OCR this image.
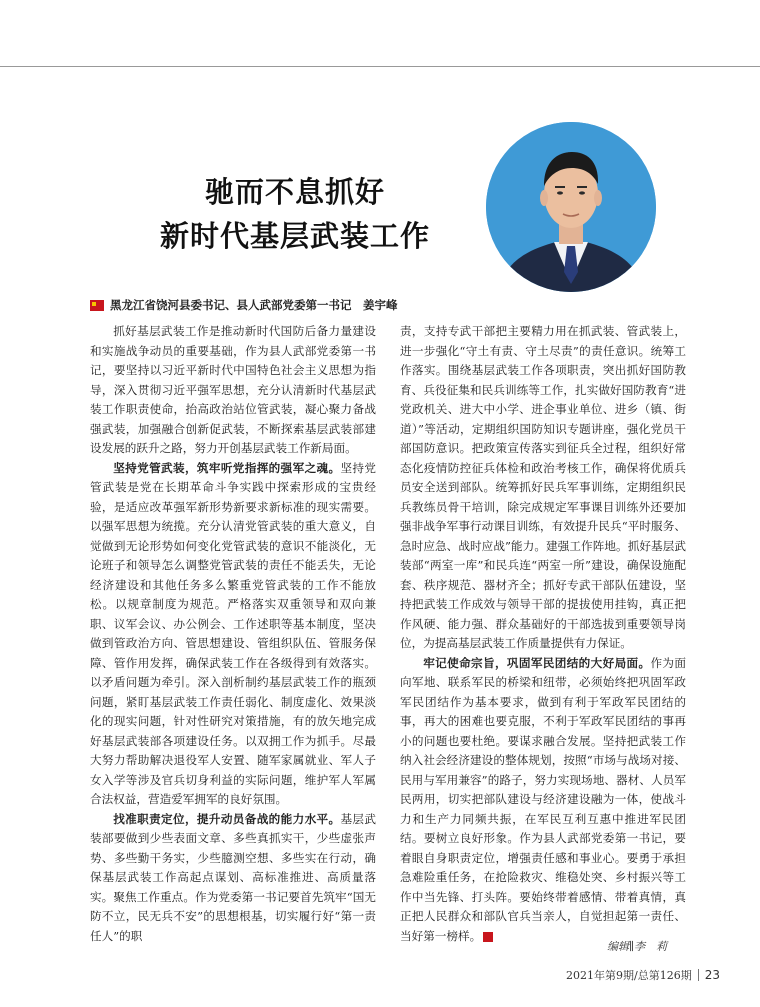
驰而不息抓好
新时代基层武装工作
黑龙江省饶河县委书记、县人武部党委第一书记　姜宇峰

抓好基层武装工作是推动新时代国防后备力量建设和实施战争动员的重要基础，作为县人武部党委第一书记，要坚持以习近平新时代中国特色社会主义思想为指导，深入贯彻习近平强军思想，充分认清新时代基层武装工作职责使命，抬高政治站位管武装，凝心聚力备战强武装，加强融合创新促武装，不断探索基层武装部建设发展的跃升之路，努力开创基层武装工作新局面。

坚持党管武装，筑牢听党指挥的强军之魂。坚持党管武装是党在长期革命斗争实践中探索形成的宝贵经验，是适应改革强军新形势新要求新标准的现实需要。以强军思想为统揽。充分认清党管武装的重大意义，自觉做到无论形势如何变化党管武装的意识不能淡化，无论班子和领导怎么调整党管武装的责任不能丢失，无论经济建设和其他任务多么繁重党管武装的工作不能放松。以规章制度为规范。严格落实双重领导和双向兼职、议军会议、办公例会、工作述职等基本制度，坚决做到管政治方向、管思想建设、管组织队伍、管服务保障、管作用发挥，确保武装工作在各级得到有效落实。以矛盾问题为牵引。深入剖析制约基层武装工作的瓶颈问题，紧盯基层武装工作责任弱化、制度虚化、效果淡化的现实问题，针对性研究对策措施，有的放矢地完成好基层武装部各项建设任务。以双拥工作为抓手。尽最大努力帮助解决退役军人安置、随军家属就业、军人子女入学等涉及官兵切身利益的实际问题，维护军人军属合法权益，营造爱军拥军的良好氛围。

找准职责定位，提升动员备战的能力水平。基层武装部要做到少些表面文章、多些真抓实干，少些虚张声势、多些勤干务实，少些臆测空想、多些实在行动，确保基层武装工作高起点谋划、高标准推进、高质量落实。聚焦工作重点。作为党委第一书记要首先筑牢“国无防不立，民无兵不安”的思想根基，切实履行好“第一责任人”的职

责，支持专武干部把主要精力用在抓武装、管武装上，进一步强化“守土有责、守土尽责”的责任意识。统筹工作落实。围绕基层武装工作各项职责，突出抓好国防教育、兵役征集和民兵训练等工作，扎实做好国防教育“进党政机关、进大中小学、进企事业单位、进乡（镇、街道）”等活动，定期组织国防知识专题讲座，强化党员干部国防意识。把政策宣传落实到征兵全过程，组织好常态化疫情防控征兵体检和政治考核工作，确保将优质兵员安全送到部队。统筹抓好民兵军事训练，定期组织民兵教练员骨干培训，除完成规定军事课目训练外还要加强非战争军事行动课目训练，有效提升民兵“平时服务、急时应急、战时应战”能力。建强工作阵地。抓好基层武装部“两室一库”和民兵连“两室一所”建设，确保设施配套、秩序规范、器材齐全；抓好专武干部队伍建设，坚持把武装工作成效与领导干部的提拔使用挂钩，真正把作风硬、能力强、群众基础好的干部选拔到重要领导岗位，为提高基层武装工作质量提供有力保证。

牢记使命宗旨，巩固军民团结的大好局面。作为面向军地、联系军民的桥梁和纽带，必须始终把巩固军政军民团结作为基本要求，做到有利于军政军民团结的事，再大的困难也要克服，不利于军政军民团结的事再小的问题也要杜绝。要谋求融合发展。坚持把武装工作纳入社会经济建设的整体规划，按照“市场与战场对接、民用与军用兼容”的路子，努力实现场地、器材、人员军民两用，切实把部队建设与经济建设融为一体，使战斗力和生产力同频共振，在军民互利互惠中推进军民团结。要树立良好形象。作为县人武部党委第一书记，要着眼自身职责定位，增强责任感和事业心。要勇于承担急难险重任务，在抢险救灾、维稳处突、乡村振兴等工作中当先锋、打头阵。要始终带着感情、带着真情，真正把人民群众和部队官兵当亲人，自觉担起第一责任、当好第一榜样。	G

编辑∥李　莉
2021年第9期/总第126期 23
